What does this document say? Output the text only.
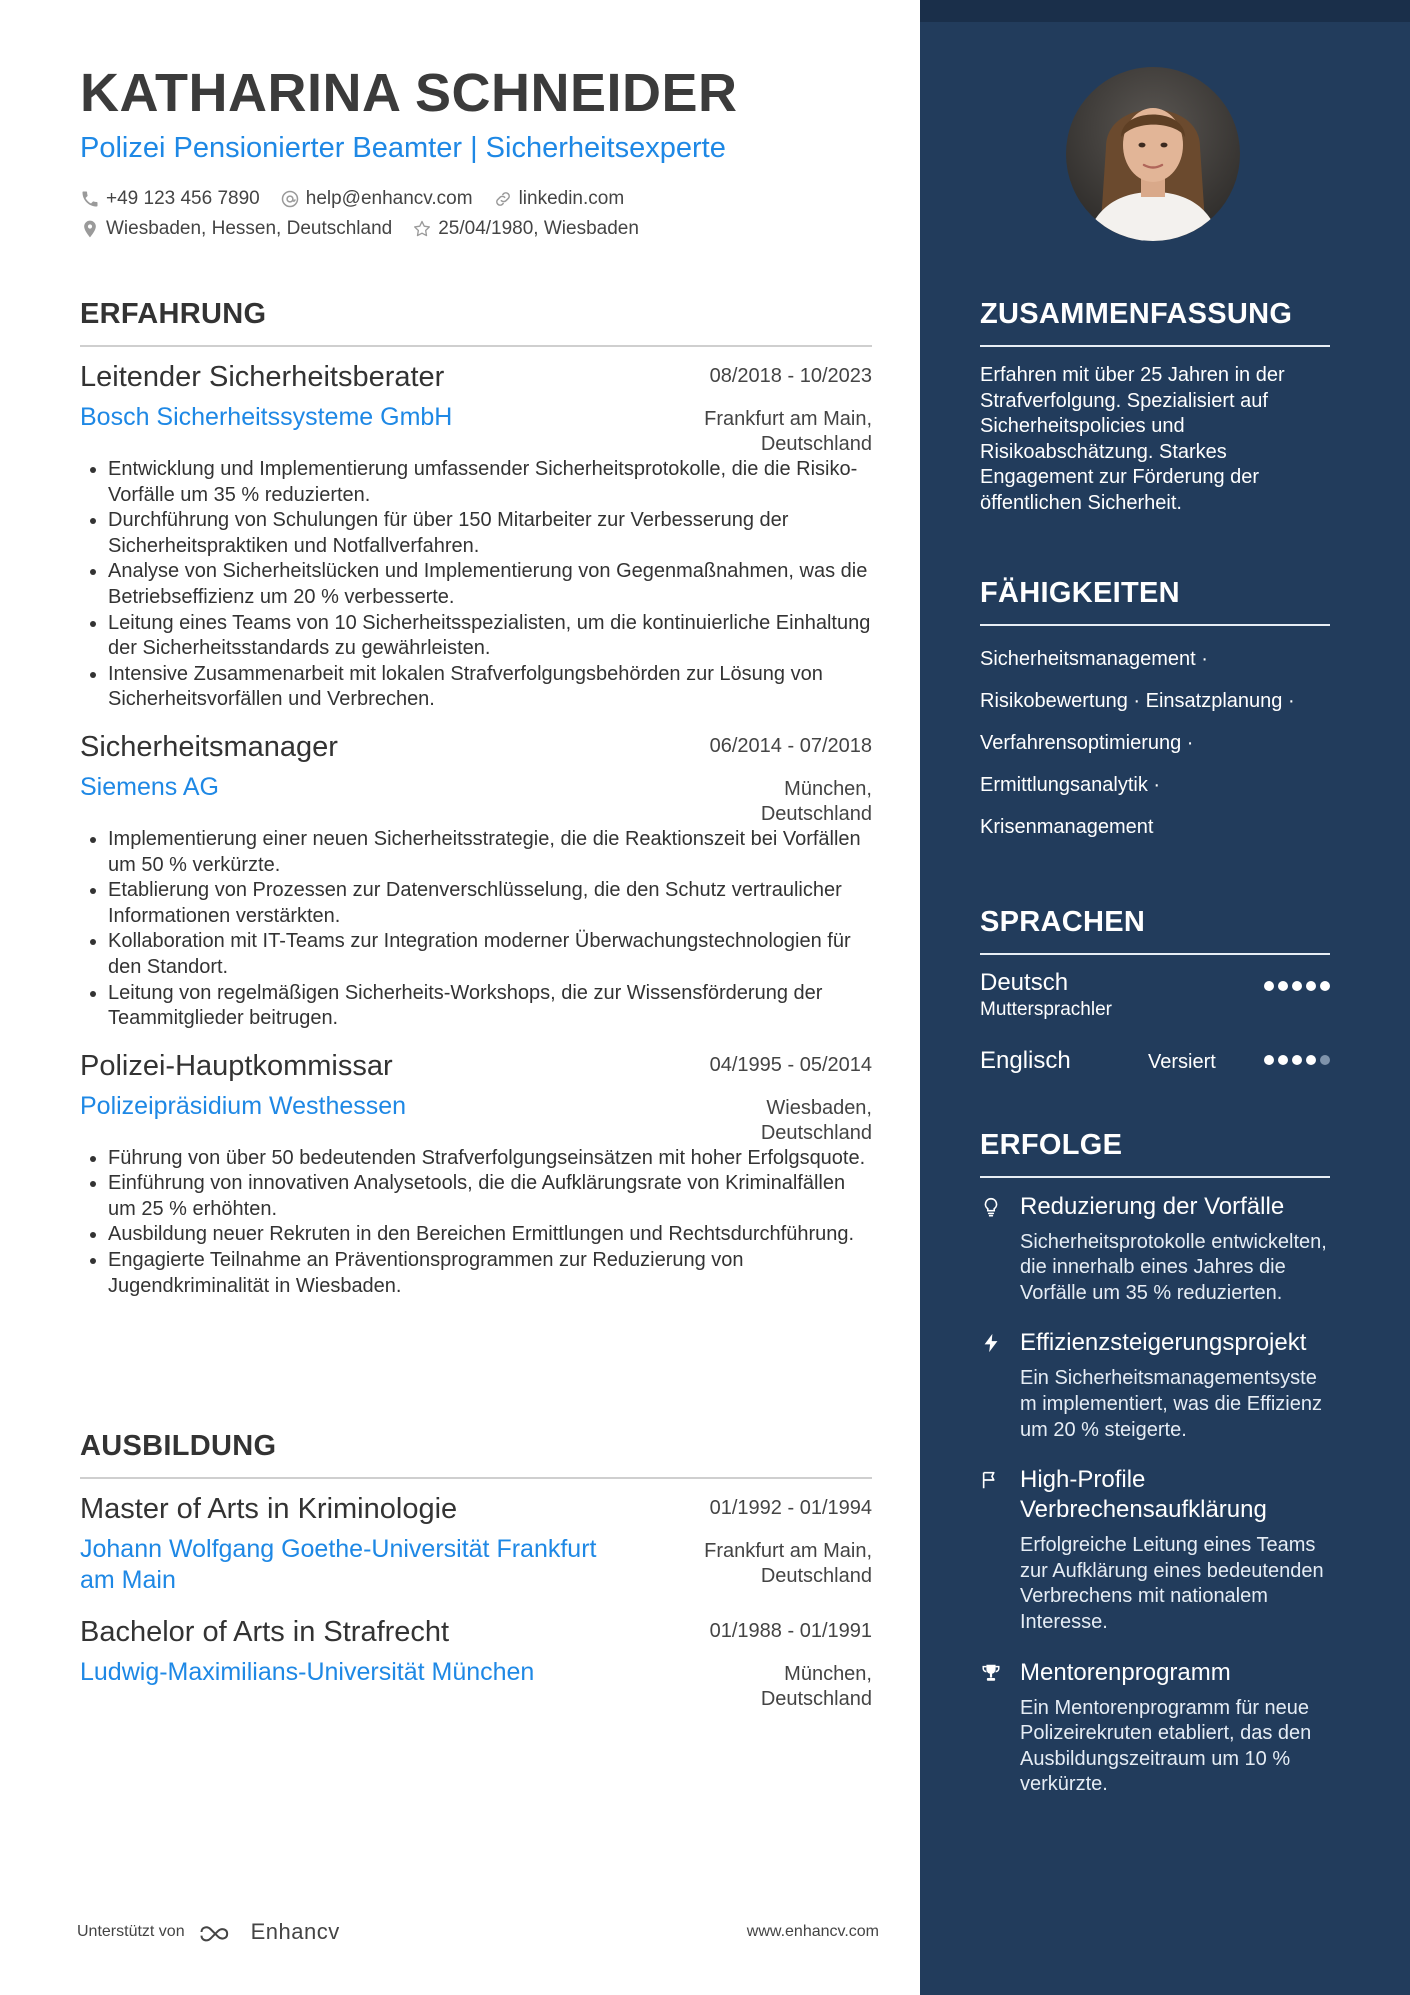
KATHARINA SCHNEIDER
Polizei Pensionierter Beamter | Sicherheitsexperte
+49 123 456 7890 help@enhancv.com linkedin.com
Wiesbaden, Hessen, Deutschland 25/04/1980, Wiesbaden
ERFAHRUNG
Leitender Sicherheitsberater	08/2018 - 10/2023
Bosch Sicherheitssysteme GmbH	Frankfurt am Main,
Deutschland
• Entwicklung und Implementierung umfassender Sicherheitsprotokolle, die die Risiko-Vorfälle um 35 % reduzierten.
• Durchführung von Schulungen für über 150 Mitarbeiter zur Verbesserung der Sicherheitspraktiken und Notfallverfahren.
• Analyse von Sicherheitslücken und Implementierung von Gegenmaßnahmen, was die Betriebseffizienz um 20 % verbesserte.
• Leitung eines Teams von 10 Sicherheitsspezialisten, um die kontinuierliche Einhaltung der Sicherheitsstandards zu gewährleisten.
• Intensive Zusammenarbeit mit lokalen Strafverfolgungsbehörden zur Lösung von Sicherheitsvorfällen und Verbrechen.
Sicherheitsmanager	06/2014 - 07/2018
Siemens AG	München,
Deutschland
• Implementierung einer neuen Sicherheitsstrategie, die die Reaktionszeit bei Vorfällen um 50 % verkürzte.
• Etablierung von Prozessen zur Datenverschlüsselung, die den Schutz vertraulicher Informationen verstärkten.
• Kollaboration mit IT-Teams zur Integration moderner Überwachungstechnologien für den Standort.
• Leitung von regelmäßigen Sicherheits-Workshops, die zur Wissensförderung der Teammitglieder beitrugen.
Polizei-Hauptkommissar	04/1995 - 05/2014
Polizeipräsidium Westhessen	Wiesbaden,
Deutschland
• Führung von über 50 bedeutenden Strafverfolgungseinsätzen mit hoher Erfolgsquote.
• Einführung von innovativen Analysetools, die die Aufklärungsrate von Kriminalfällen um 25 % erhöhten.
• Ausbildung neuer Rekruten in den Bereichen Ermittlungen und Rechtsdurchführung.
• Engagierte Teilnahme an Präventionsprogrammen zur Reduzierung von Jugendkriminalität in Wiesbaden.
AUSBILDUNG
Master of Arts in Kriminologie	01/1992 - 01/1994
Johann Wolfgang Goethe-Universität Frankfurt am Main
Frankfurt am Main,
Deutschland
Bachelor of Arts in Strafrecht	01/1988 - 01/1991
Ludwig-Maximilians-Universität München	München,
Deutschland
ZUSAMMENFASSUNG
Erfahren mit über 25 Jahren in der Strafverfolgung. Spezialisiert auf Sicherheitspolicies und Risikoabschätzung. Starkes Engagement zur Förderung der öffentlichen Sicherheit.
FÄHIGKEITEN
Sicherheitsmanagement ·
Risikobewertung · Einsatzplanung ·
Verfahrensoptimierung ·
Ermittlungsanalytik ·
Krisenmanagement
SPRACHEN
Deutsch
Muttersprachler
Englisch	Versiert
ERFOLGE
Reduzierung der Vorfälle
Sicherheitsprotokolle entwickelten, die innerhalb eines Jahres die Vorfälle um 35 % reduzierten.
Effizienzsteigerungsprojekt
Ein Sicherheitsmanagementsystem implementiert, was die Effizienz um 20 % steigerte.
High-Profile Verbrechensaufklärung
Erfolgreiche Leitung eines Teams zur Aufklärung eines bedeutenden Verbrechens mit nationalem Interesse.
Mentorenprogramm
Ein Mentorenprogramm für neue Polizeirekruten etabliert, das den Ausbildungszeitraum um 10 % verkürzte.
Unterstützt von	Enhancv	www.enhancv.com
